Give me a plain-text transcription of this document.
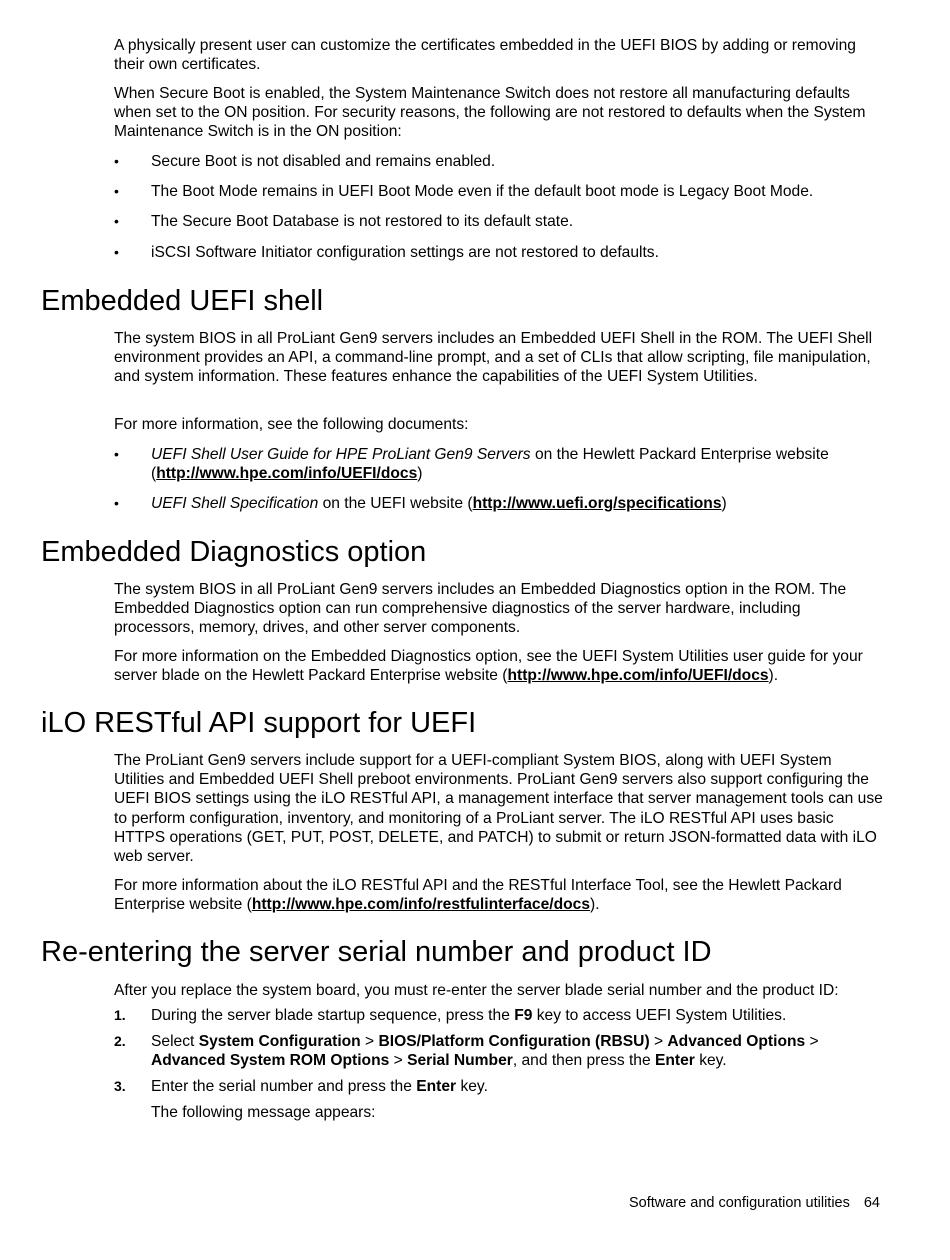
A physically present user can customize the certificates embedded in the UEFI BIOS by adding or removing their own certificates.

When Secure Boot is enabled, the System Maintenance Switch does not restore all manufacturing defaults when set to the ON position. For security reasons, the following are not restored to defaults when the System Maintenance Switch is in the ON position:

•	Secure Boot is not disabled and remains enabled.
•	The Boot Mode remains in UEFI Boot Mode even if the default boot mode is Legacy Boot Mode.
•	The Secure Boot Database is not restored to its default state.
•	iSCSI Software Initiator configuration settings are not restored to defaults.
Embedded UEFI shell

The system BIOS in all ProLiant Gen9 servers includes an Embedded UEFI Shell in the ROM. The UEFI Shell environment provides an API, a command-line prompt, and a set of CLIs that allow scripting, file manipulation, and system information. These features enhance the capabilities of the UEFI System Utilities.

For more information, see the following documents:

•	UEFI Shell User Guide for HPE ProLiant Gen9 Servers on the Hewlett Packard Enterprise website (http://www.hpe.com/info/UEFI/docs)
•	UEFI Shell Specification on the UEFI website (http://www.uefi.org/specifications)
Embedded Diagnostics option

The system BIOS in all ProLiant Gen9 servers includes an Embedded Diagnostics option in the ROM. The Embedded Diagnostics option can run comprehensive diagnostics of the server hardware, including processors, memory, drives, and other server components.

For more information on the Embedded Diagnostics option, see the UEFI System Utilities user guide for your server blade on the Hewlett Packard Enterprise website (http://www.hpe.com/info/UEFI/docs).

iLO RESTful API support for UEFI

The ProLiant Gen9 servers include support for a UEFI-compliant System BIOS, along with UEFI System Utilities and Embedded UEFI Shell preboot environments. ProLiant Gen9 servers also support configuring the UEFI BIOS settings using the iLO RESTful API, a management interface that server management tools can use to perform configuration, inventory, and monitoring of a ProLiant server. The iLO RESTful API uses basic HTTPS operations (GET, PUT, POST, DELETE, and PATCH) to submit or return JSON-formatted data with iLO web server.

For more information about the iLO RESTful API and the RESTful Interface Tool, see the Hewlett Packard Enterprise website (http://www.hpe.com/info/restfulinterface/docs).

Re-entering the server serial number and product ID

After you replace the system board, you must re-enter the server blade serial number and the product ID:

1.	During the server blade startup sequence, press the F9 key to access UEFI System Utilities.
2.	Select System Configuration > BIOS/Platform Configuration (RBSU) > Advanced Options > Advanced System ROM Options > Serial Number, and then press the Enter key.
3.	Enter the serial number and press the Enter key.

The following message appears:

Software and configuration utilities 64
